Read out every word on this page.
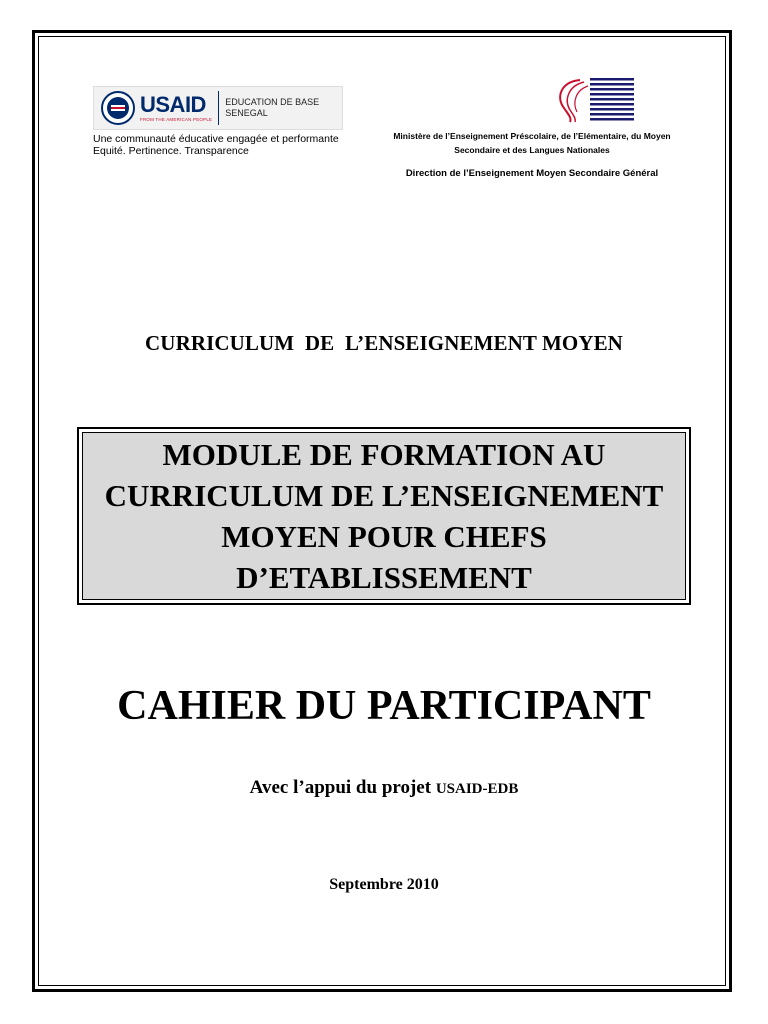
USAID
FROM THE AMERICAN PEOPLE
EDUCATION DE BASE
SENEGAL
Une communauté éducative engagée et performante
Equité. Pertinence. Transparence
Ministère de l’Enseignement Préscolaire, de l’Elémentaire, du Moyen
Secondaire et des Langues Nationales
Direction de l’Enseignement Moyen Secondaire Général
CURRICULUM  DE  L’ENSEIGNEMENT MOYEN
MODULE DE FORMATION AU
CURRICULUM DE L’ENSEIGNEMENT
MOYEN POUR CHEFS
D’ETABLISSEMENT
CAHIER DU PARTICIPANT
Avec l’appui du projet USAID-EDB
Septembre 2010
